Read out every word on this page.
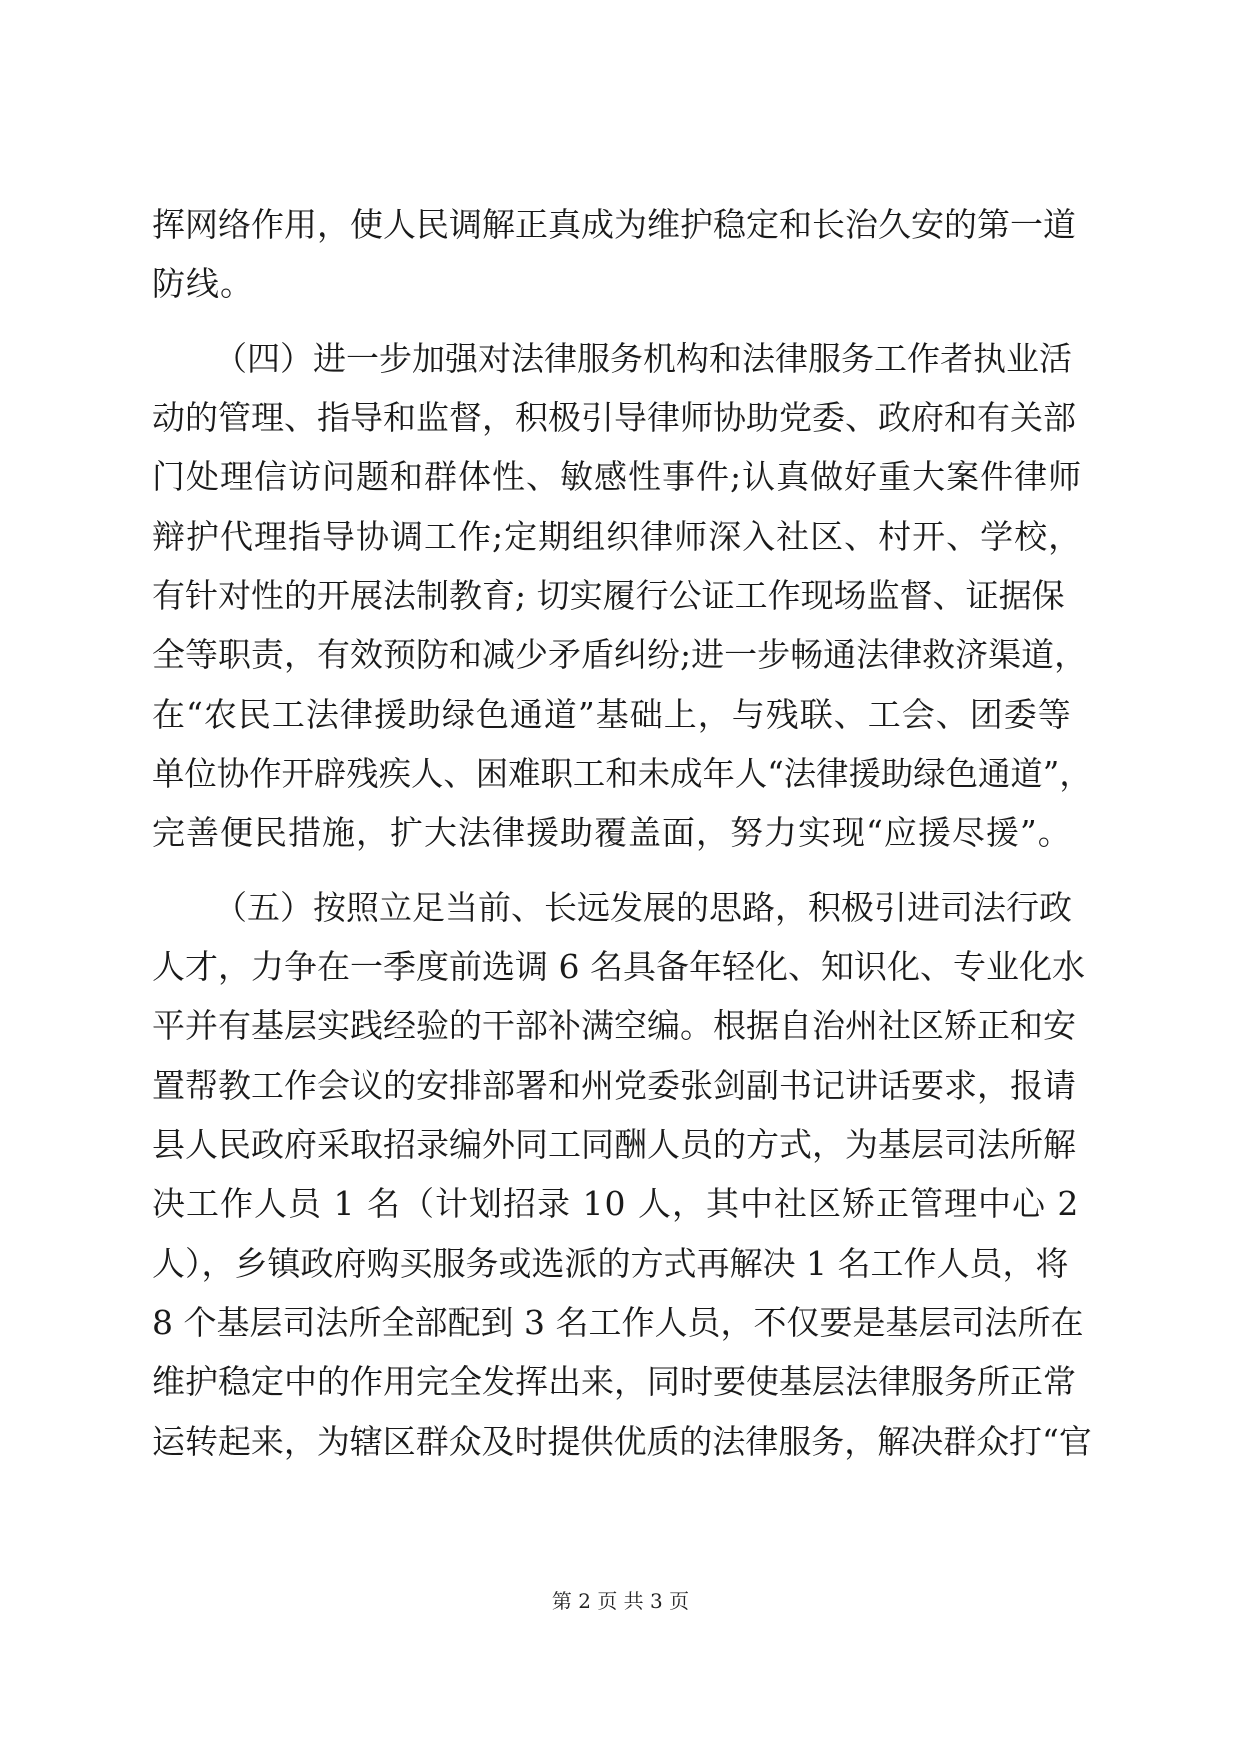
挥网络作用，使人民调解正真成为维护稳定和长治久安的第一道
防线。
（四）进一步加强对法律服务机构和法律服务工作者执业活
动的管理、指导和监督，积极引导律师协助党委、政府和有关部
门处理信访问题和群体性、敏感性事件;认真做好重大案件律师
辩护代理指导协调工作;定期组织律师深入社区、村开、学校，
有针对性的开展法制教育; 切实履行公证工作现场监督、证据保
全等职责，有效预防和减少矛盾纠纷;进一步畅通法律救济渠道，
在“农民工法律援助绿色通道”基础上，与残联、工会、团委等
单位协作开辟残疾人、困难职工和未成年人“法律援助绿色通道”，
完善便民措施，扩大法律援助覆盖面，努力实现“应援尽援”。
（五）按照立足当前、长远发展的思路，积极引进司法行政
人才，力争在一季度前选调 6 名具备年轻化、知识化、专业化水
平并有基层实践经验的干部补满空编。根据自治州社区矫正和安
置帮教工作会议的安排部署和州党委张剑副书记讲话要求，报请
县人民政府采取招录编外同工同酬人员的方式，为基层司法所解
决工作人员 1 名（计划招录 10 人，其中社区矫正管理中心 2
人），乡镇政府购买服务或选派的方式再解决 1 名工作人员，将
8 个基层司法所全部配到 3 名工作人员，不仅要是基层司法所在
维护稳定中的作用完全发挥出来，同时要使基层法律服务所正常
运转起来，为辖区群众及时提供优质的法律服务，解决群众打“官
第 2 页 共 3 页
